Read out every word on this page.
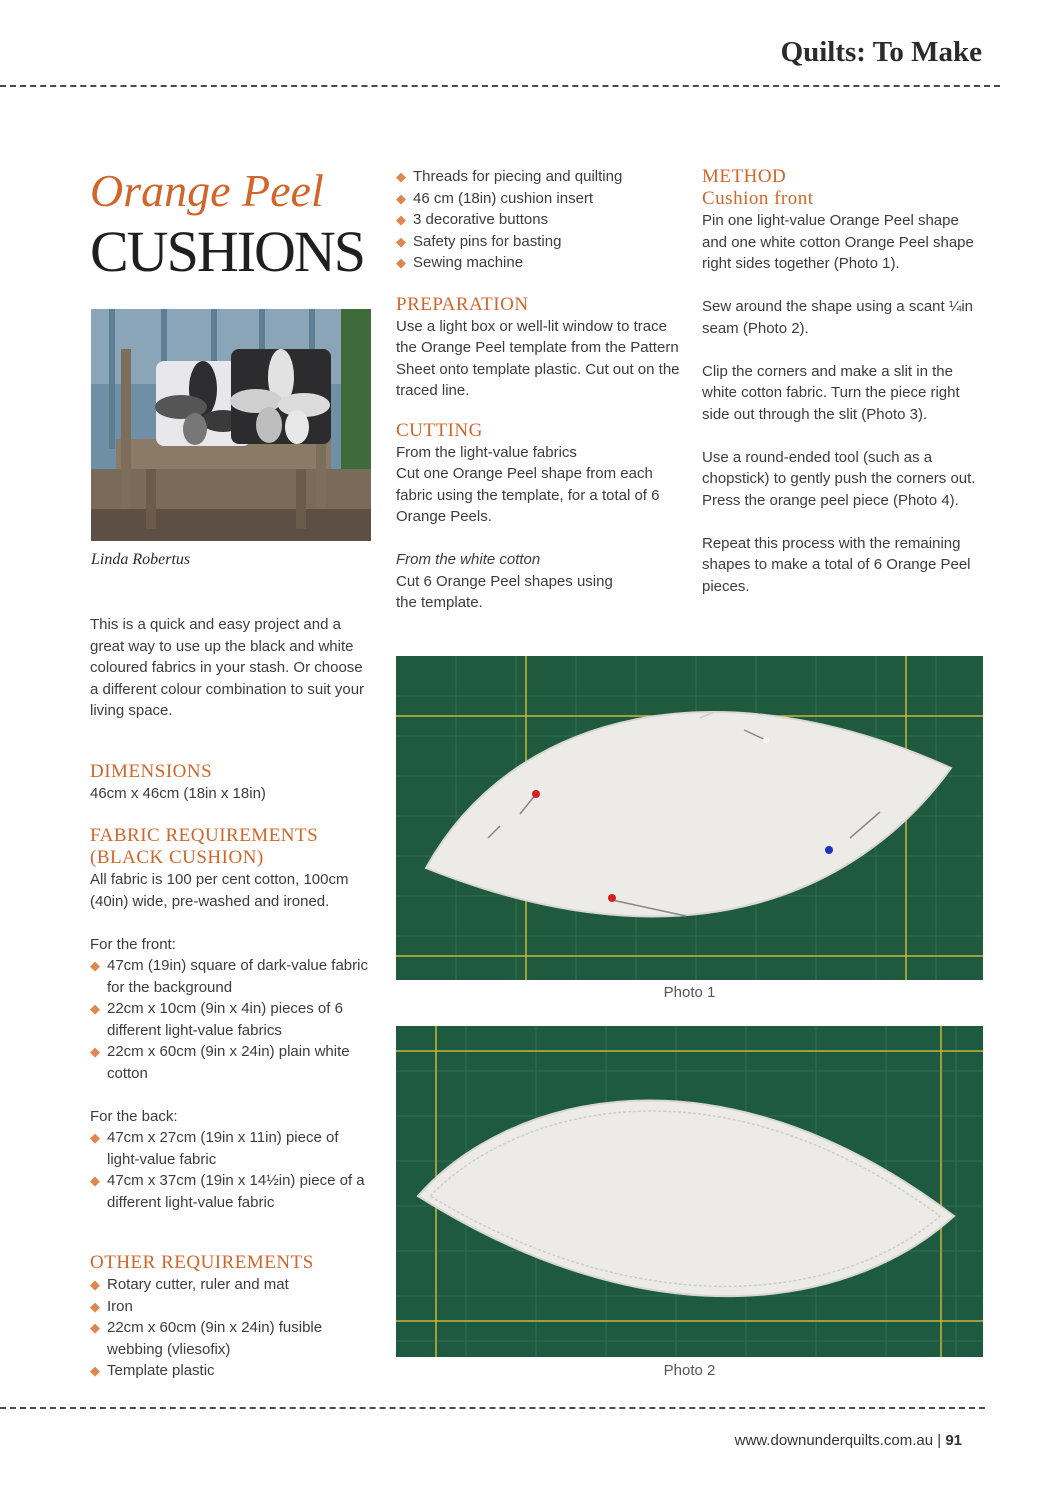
Quilts: To Make
Orange Peel
CUSHIONS
Linda Robertus
This is a quick and easy project and a great way to use up the black and white coloured fabrics in your stash. Or choose a different colour combination to suit your living space.

DIMENSIONS

46cm x 46cm (18in x 18in)

FABRIC REQUIREMENTS

(BLACK CUSHION)

All fabric is 100 per cent cotton, 100cm (40in) wide, pre-washed and ironed.
For the front:
◆ 47cm (19in) square of dark-value fabric for the background
◆ 22cm x 10cm (9in x 4in) pieces of 6 different light-value fabrics
◆ 22cm x 60cm (9in x 24in) plain white cotton
For the back:
◆ 47cm x 27cm (19in x 11in) piece of light-value fabric
◆ 47cm x 37cm (19in x 14½in) piece of a different light-value fabric

OTHER REQUIREMENTS

◆ Rotary cutter, ruler and mat
◆ Iron
◆ 22cm x 60cm (9in x 24in) fusible webbing (vliesofix)
◆ Template plastic
◆ Threads for piecing and quilting
◆ 46 cm (18in) cushion insert
◆ 3 decorative buttons
◆ Safety pins for basting
◆ Sewing machine

PREPARATION

Use a light box or well-lit window to trace the Orange Peel template from the Pattern Sheet onto template plastic. Cut out on the traced line.

CUTTING

From the light-value fabrics
Cut one Orange Peel shape from each fabric using the template, for a total of 6 Orange Peels.
From the white cotton
Cut 6 Orange Peel shapes using the template.

METHOD

Cushion front

Pin one light-value Orange Peel shape and one white cotton Orange Peel shape right sides together (Photo 1).
Sew around the shape using a scant ¼in seam (Photo 2).
Clip the corners and make a slit in the white cotton fabric. Turn the piece right side out through the slit (Photo 3).
Use a round-ended tool (such as a chopstick) to gently push the corners out. Press the orange peel piece (Photo 4).
Repeat this process with the remaining shapes to make a total of 6 Orange Peel pieces.
Photo 1
Photo 2
www.downunderquilts.com.au | 91
